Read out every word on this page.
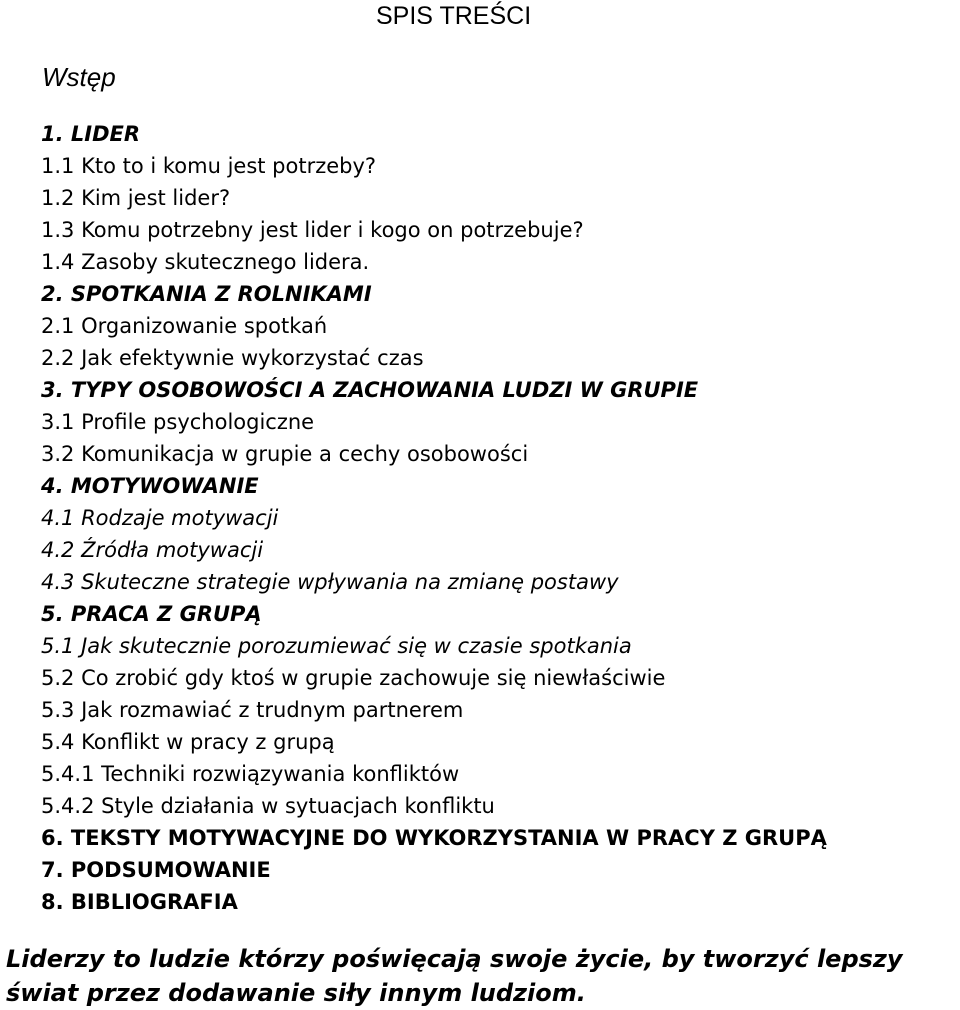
SPIS TREŚCI
Wstęp
1. LIDER
1.1 Kto to i komu jest potrzeby?
1.2 Kim jest lider?
1.3 Komu potrzebny jest lider i kogo on potrzebuje?
1.4 Zasoby skutecznego lidera.
2. SPOTKANIA Z ROLNIKAMI
2.1 Organizowanie spotkań
2.2 Jak efektywnie wykorzystać czas
3. TYPY OSOBOWOŚCI A ZACHOWANIA LUDZI W GRUPIE
3.1 Profile psychologiczne
3.2 Komunikacja w grupie a cechy osobowości
4. MOTYWOWANIE
4.1 Rodzaje motywacji
4.2 Źródła motywacji
4.3 Skuteczne strategie wpływania na zmianę postawy
5. PRACA Z GRUPĄ
5.1 Jak skutecznie porozumiewać się w czasie spotkania
5.2 Co zrobić gdy ktoś w grupie zachowuje się niewłaściwie
5.3 Jak rozmawiać z trudnym partnerem
5.4 Konflikt w pracy z grupą
5.4.1 Techniki rozwiązywania konfliktów
5.4.2 Style działania w sytuacjach konfliktu
6. TEKSTY MOTYWACYJNE DO WYKORZYSTANIA W PRACY Z GRUPĄ
7. PODSUMOWANIE
8. BIBLIOGRAFIA
Liderzy to ludzie którzy poświęcają swoje życie, by tworzyć lepszy
świat przez dodawanie siły innym ludziom.
